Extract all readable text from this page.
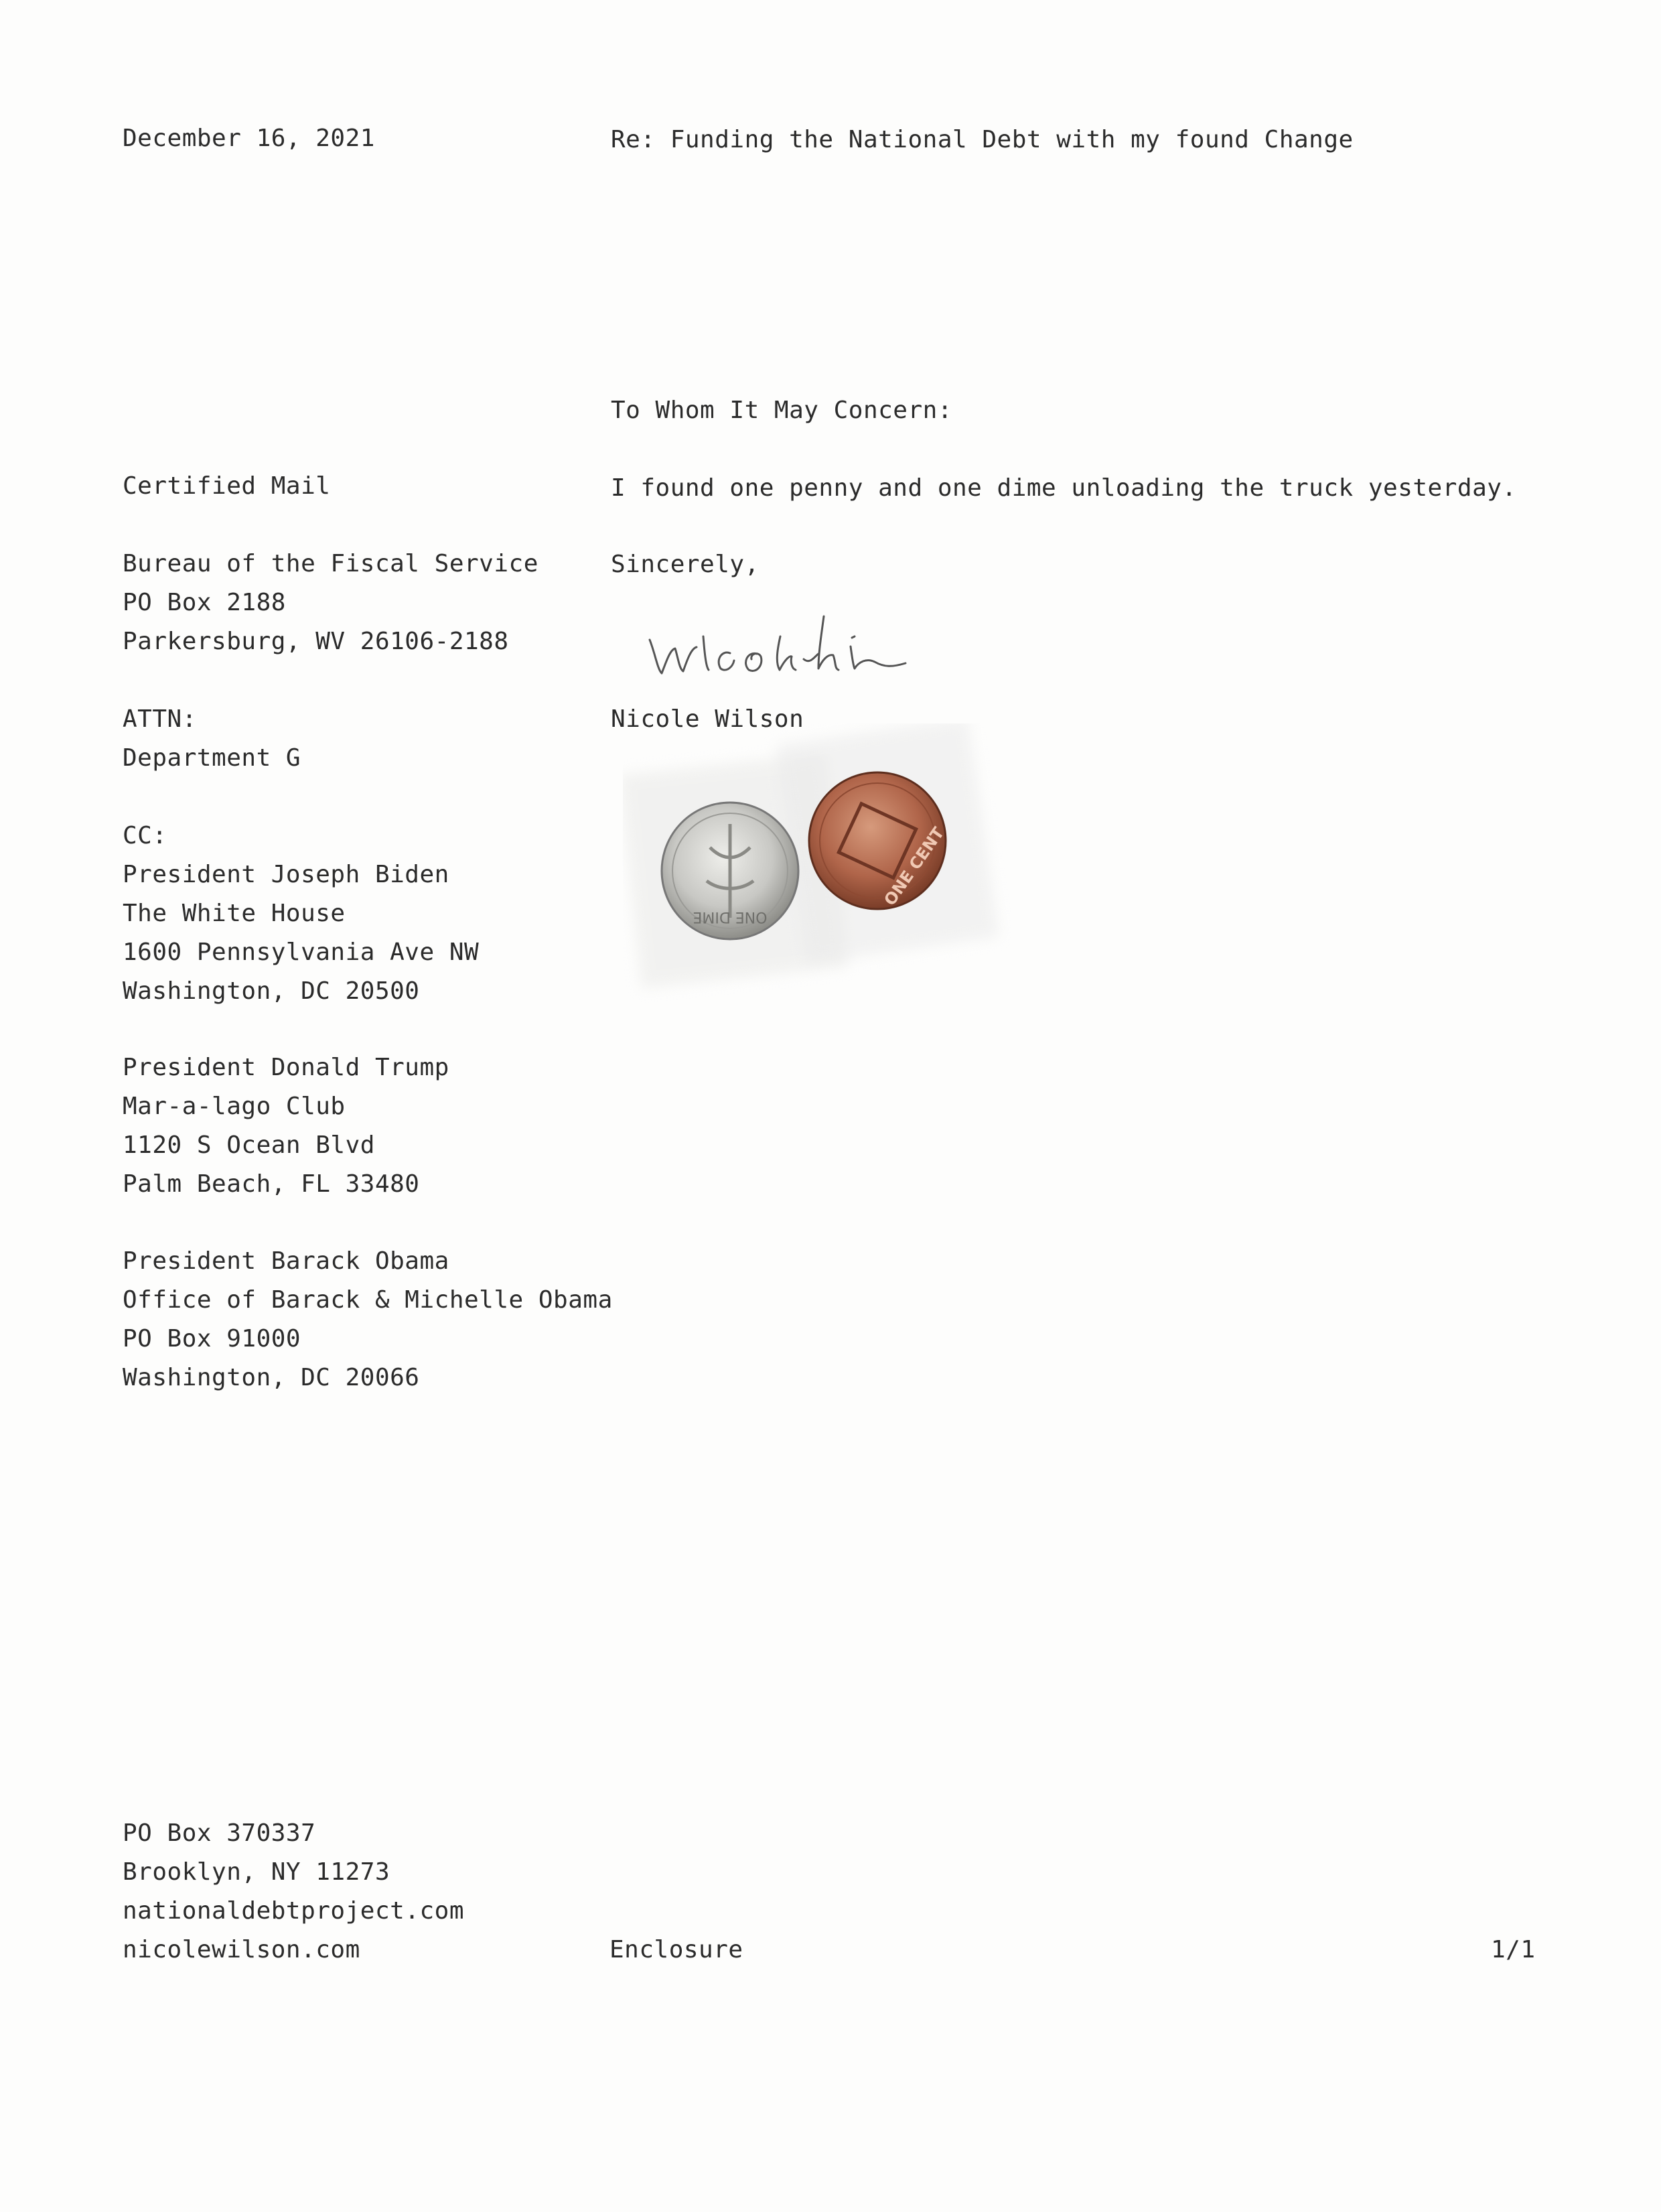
December 16, 2021	Re: Funding the National Debt with my found Change
To Whom It May Concern:
I found one penny and one dime unloading the truck yesterday.
Sincerely,
Nicole Wilson
ONE DIME
ONE CENT
Certified Mail
Bureau of the Fiscal Service
PO Box 2188
Parkersburg, WV 26106-2188
ATTN:
Department G
CC:
President Joseph Biden
The White House
1600 Pennsylvania Ave NW
Washington, DC 20500
President Donald Trump
Mar-a-lago Club
1120 S Ocean Blvd
Palm Beach, FL 33480
President Barack Obama
Office of Barack & Michelle Obama
PO Box 91000
Washington, DC 20066
PO Box 370337
Brooklyn, NY 11273
nationaldebtproject.com
nicolewilson.com	Enclosure	1/1
